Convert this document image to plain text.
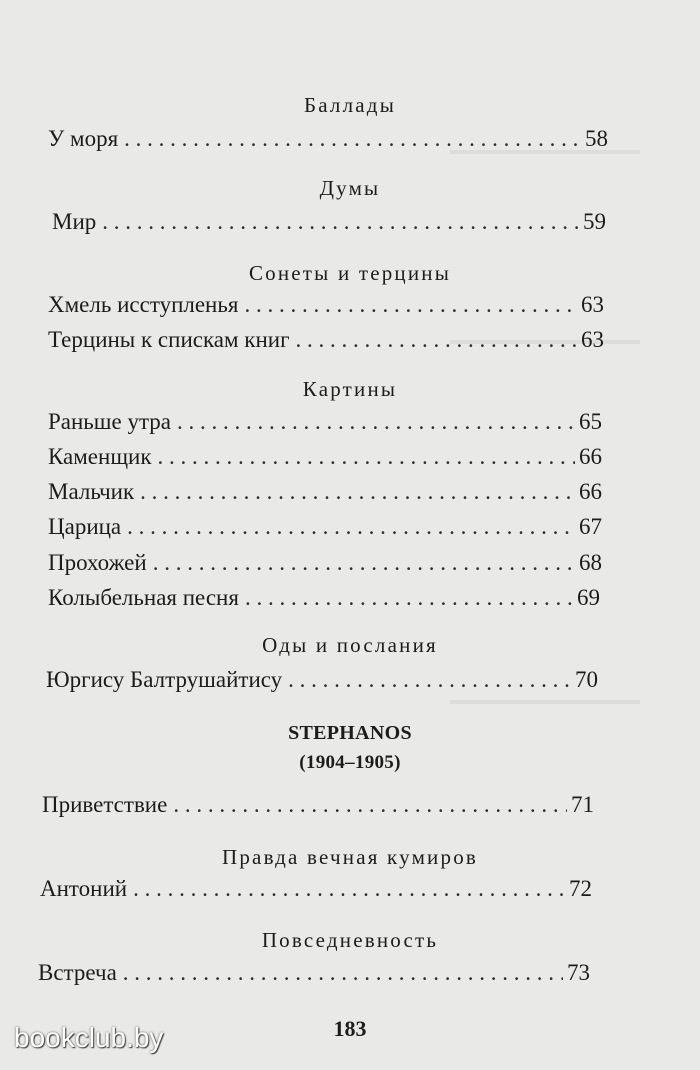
Баллады
У моря . . .	58
Думы
Мир . . .	59
Сонеты и терцины
Хмель исступленья . . .	63
Терцины к спискам книг . . .	63
Картины
Раньше утра . . .	65
Каменщик . . .	66
Мальчик . . .	66
Царица . . .	67
Прохожей . . .	68
Колыбельная песня . . .	69
Оды и послания
Юргису Балтрушайтису . . .	70
STEPHANOS
(1904–1905)
Приветствие . . .	71
Правда вечная кумиров
Антоний . . .	72
Повседневность
Встреча . . .	73
183
bookclub.by
